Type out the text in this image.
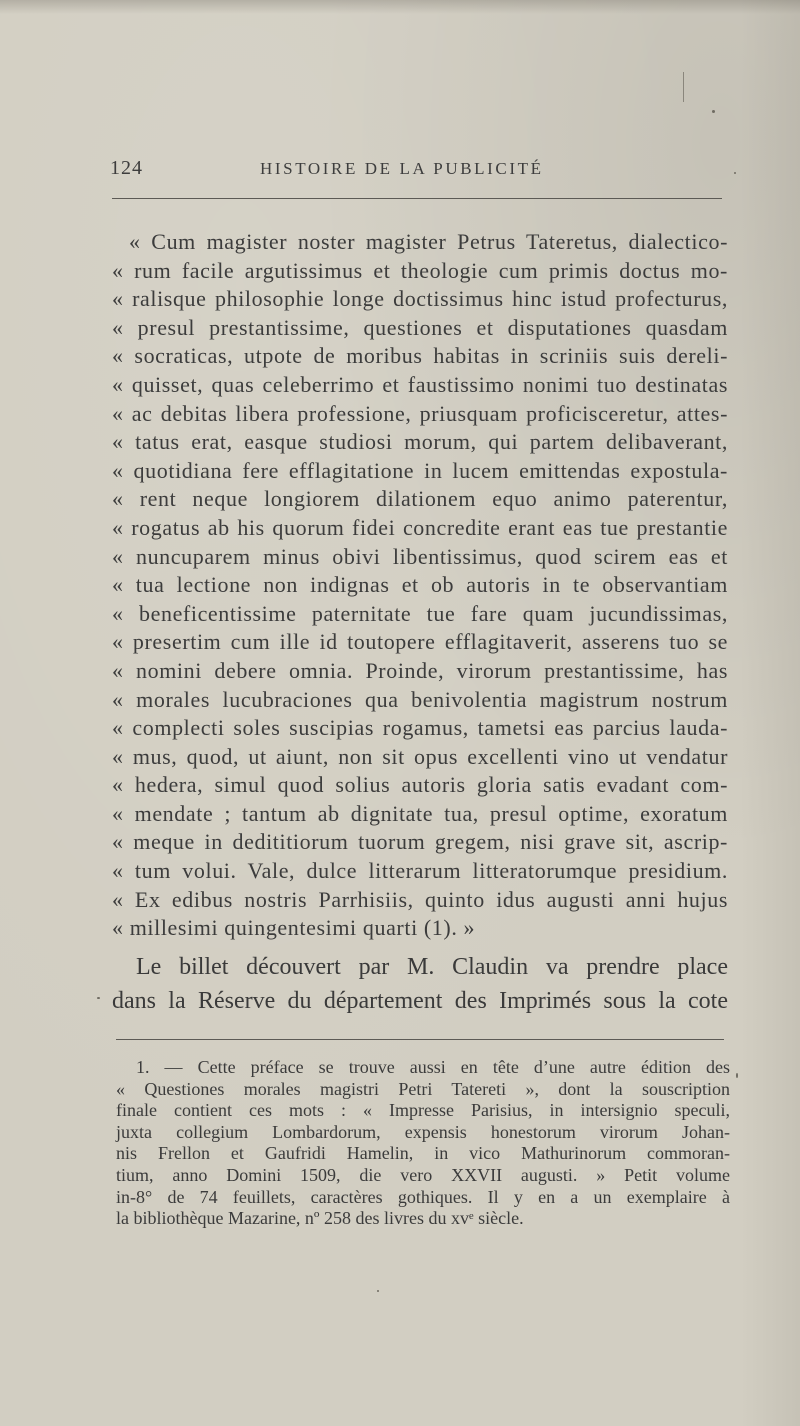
124	HISTOIRE DE LA PUBLICITÉ
« Cum magister noster magister Petrus Tateretus, dialectico-
« rum facile argutissimus et theologie cum primis doctus mo-
« ralisque philosophie longe doctissimus hinc istud profecturus,
« presul prestantissime, questiones et disputationes quasdam
« socraticas, utpote de moribus habitas in scriniis suis dereli-
« quisset, quas celeberrimo et faustissimo nonimi tuo destinatas
« ac debitas libera professione, priusquam proficisceretur, attes-
« tatus erat, easque studiosi morum, qui partem delibaverant,
« quotidiana fere efflagitatione in lucem emittendas expostula-
« rent neque longiorem dilationem equo animo paterentur,
« rogatus ab his quorum fidei concredite erant eas tue prestantie
« nuncuparem minus obivi libentissimus, quod scirem eas et
« tua lectione non indignas et ob autoris in te observantiam
« beneficentissime paternitate tue fare quam jucundissimas,
« presertim cum ille id toutopere efflagitaverit, asserens tuo se
« nomini debere omnia. Proinde, virorum prestantissime, has
« morales lucubraciones qua benivolentia magistrum nostrum
« complecti soles suscipias rogamus, tametsi eas parcius lauda-
« mus, quod, ut aiunt, non sit opus excellenti vino ut vendatur
« hedera, simul quod solius autoris gloria satis evadant com-
« mendate ; tantum ab dignitate tua, presul optime, exoratum
« meque in dedititiorum tuorum gregem, nisi grave sit, ascrip-
« tum volui. Vale, dulce litterarum litteratorumque presidium.
« Ex edibus nostris Parrhisiis, quinto idus augusti anni hujus
« millesimi quingentesimi quarti (1). »
Le billet découvert par M. Claudin va prendre place
dans la Réserve du département des Imprimés sous la cote
1. — Cette préface se trouve aussi en tête d’une autre édition des
« Questiones morales magistri Petri Tatereti », dont la souscription
finale contient ces mots : « Impresse Parisius, in intersignio speculi,
juxta collegium Lombardorum, expensis honestorum virorum Johan-
nis Frellon et Gaufridi Hamelin, in vico Mathurinorum commoran-
tium, anno Domini 1509, die vero XXVII augusti. » Petit volume
in-8° de 74 feuillets, caractères gothiques. Il y en a un exemplaire à
la bibliothèque Mazarine, nº 258 des livres du xvᵉ siècle.
